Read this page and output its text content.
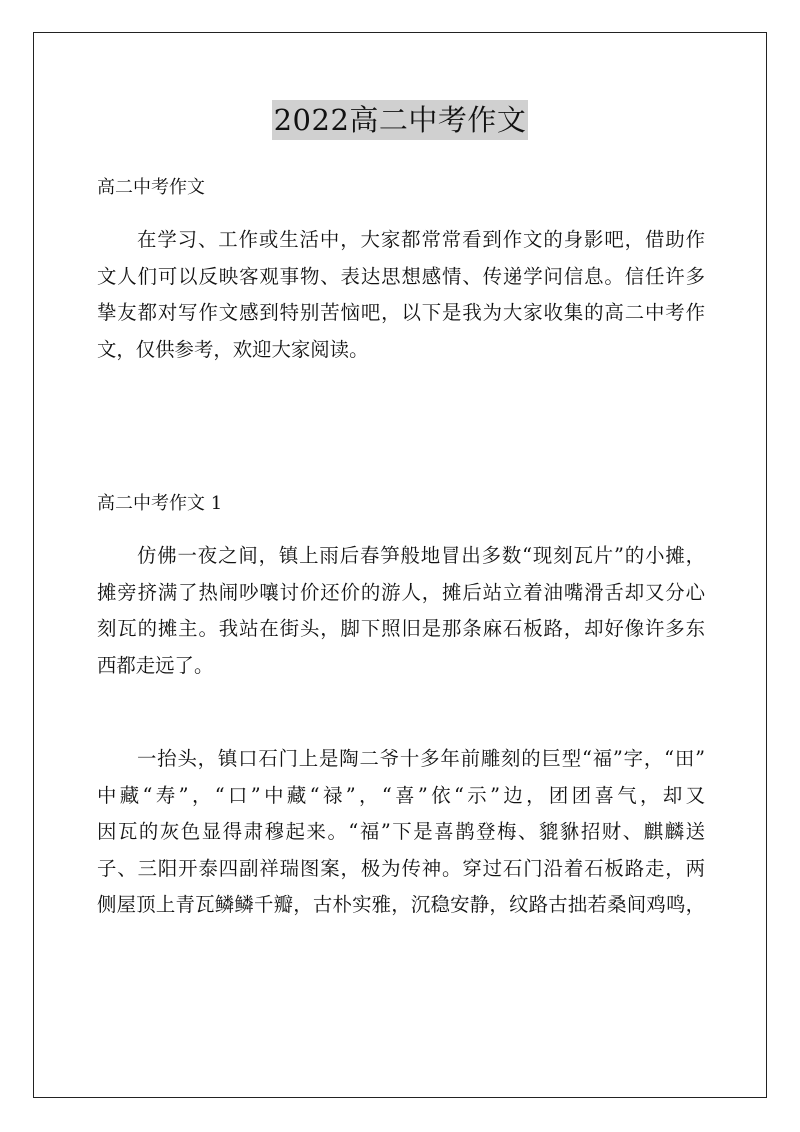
2022高二中考作文
高二中考作文
在学习、工作或生活中，大家都常常看到作文的身影吧，借助作
文人们可以反映客观事物、表达思想感情、传递学问信息。信任许多
挚友都对写作文感到特别苦恼吧，以下是我为大家收集的高二中考作
文，仅供参考，欢迎大家阅读。
高二中考作文 1
仿佛一夜之间，镇上雨后春笋般地冒出多数“现刻瓦片”的小摊，
摊旁挤满了热闹吵嚷讨价还价的游人，摊后站立着油嘴滑舌却又分心
刻瓦的摊主。我站在街头，脚下照旧是那条麻石板路，却好像许多东
西都走远了。
一抬头，镇口石门上是陶二爷十多年前雕刻的巨型“福”字，“田”
中藏“寿”，“口”中藏“禄”，“喜”依“示”边，团团喜气，却又
因瓦的灰色显得肃穆起来。“福”下是喜鹊登梅、貔貅招财、麒麟送
子、三阳开泰四副祥瑞图案，极为传神。穿过石门沿着石板路走，两
侧屋顶上青瓦鳞鳞千瓣，古朴实雅，沉稳安静，纹路古拙若桑间鸡鸣，
